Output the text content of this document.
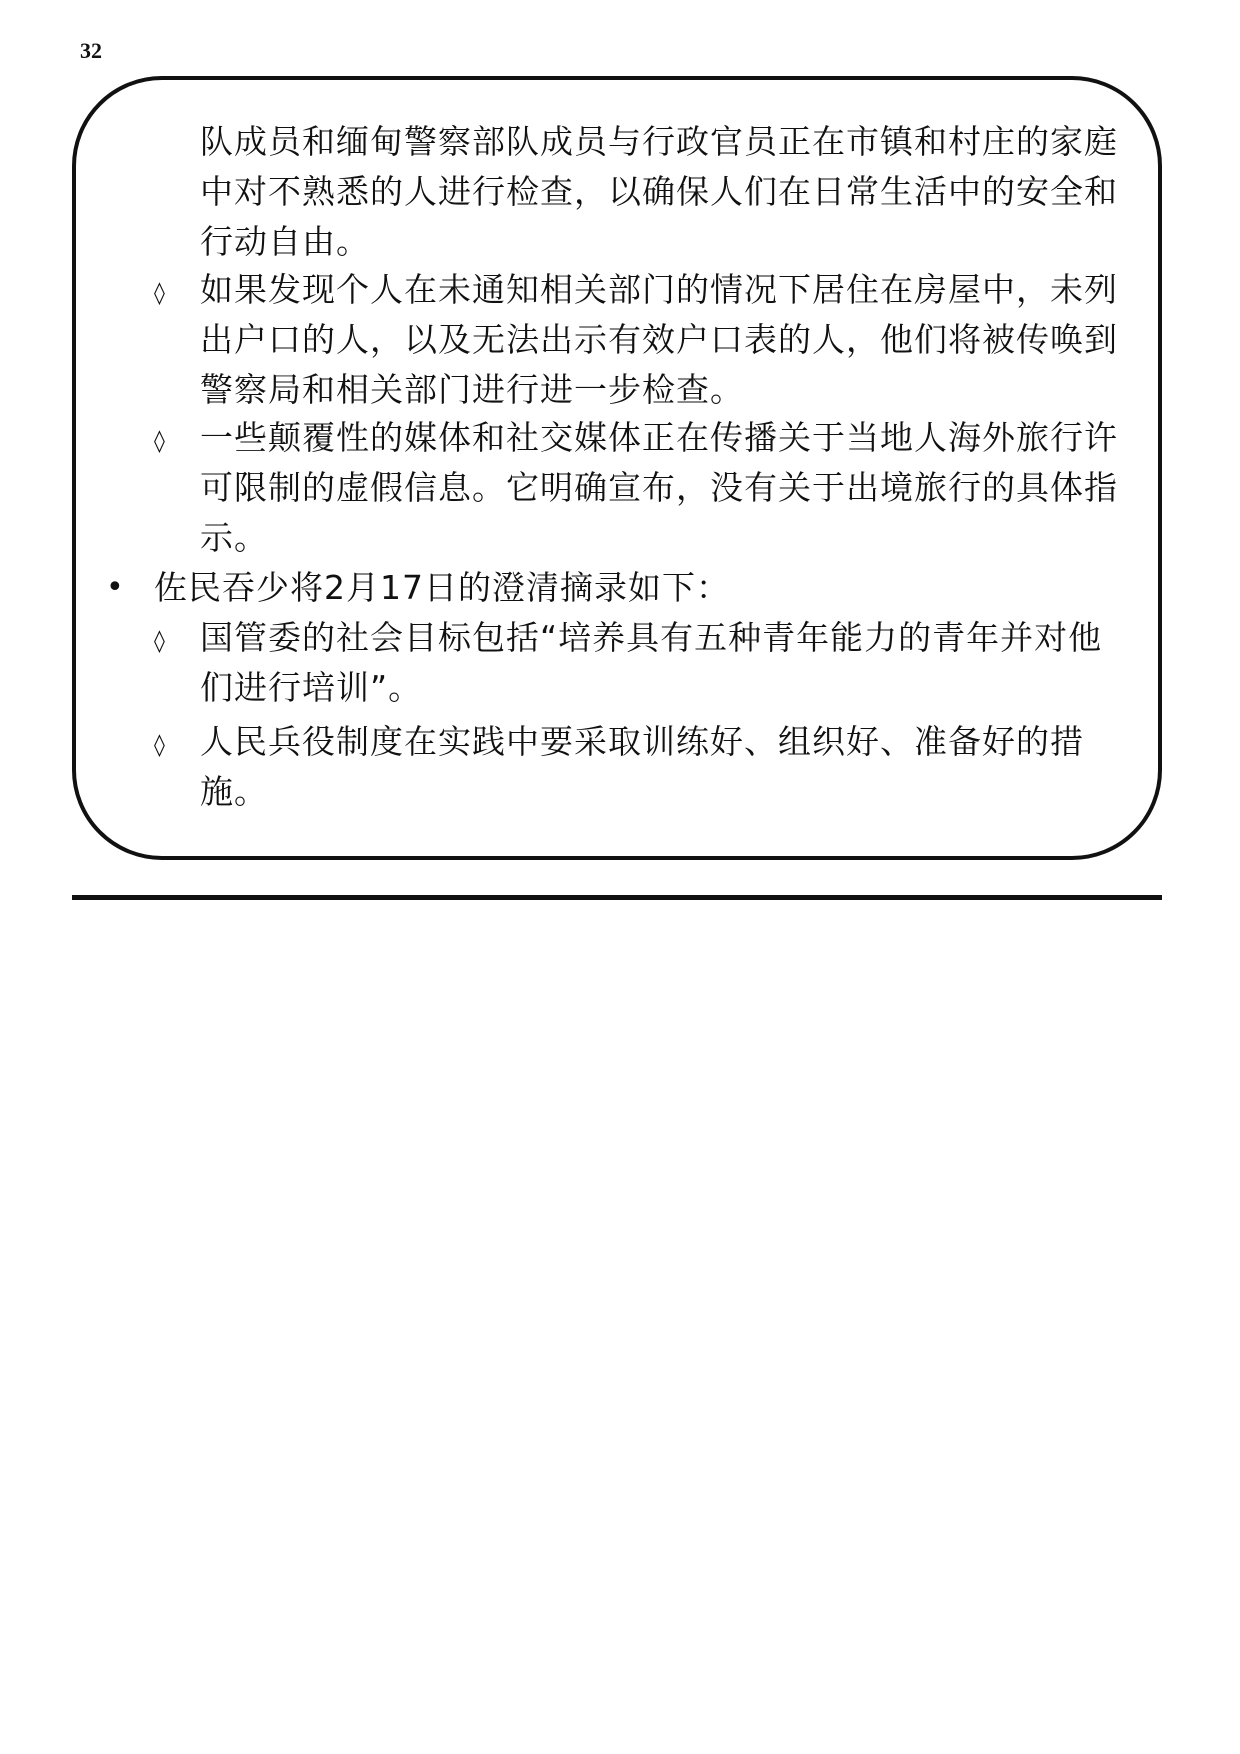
32
队成员和缅甸警察部队成员与行政官员正在市镇和村庄的家庭
中对不熟悉的人进行检查，以确保人们在日常生活中的安全和
行动自由。
◊ 如果发现个人在未通知相关部门的情况下居住在房屋中，未列
出户口的人，以及无法出示有效户口表的人，他们将被传唤到
警察局和相关部门进行进一步检查。
◊ 一些颠覆性的媒体和社交媒体正在传播关于当地人海外旅行许
可限制的虚假信息。它明确宣布，没有关于出境旅行的具体指
示。
• 佐民吞少将2月17日的澄清摘录如下：
◊ 国管委的社会目标包括“培养具有五种青年能力的青年并对他
们进行培训”。
◊ 人民兵役制度在实践中要采取训练好、组织好、准备好的措
施。
